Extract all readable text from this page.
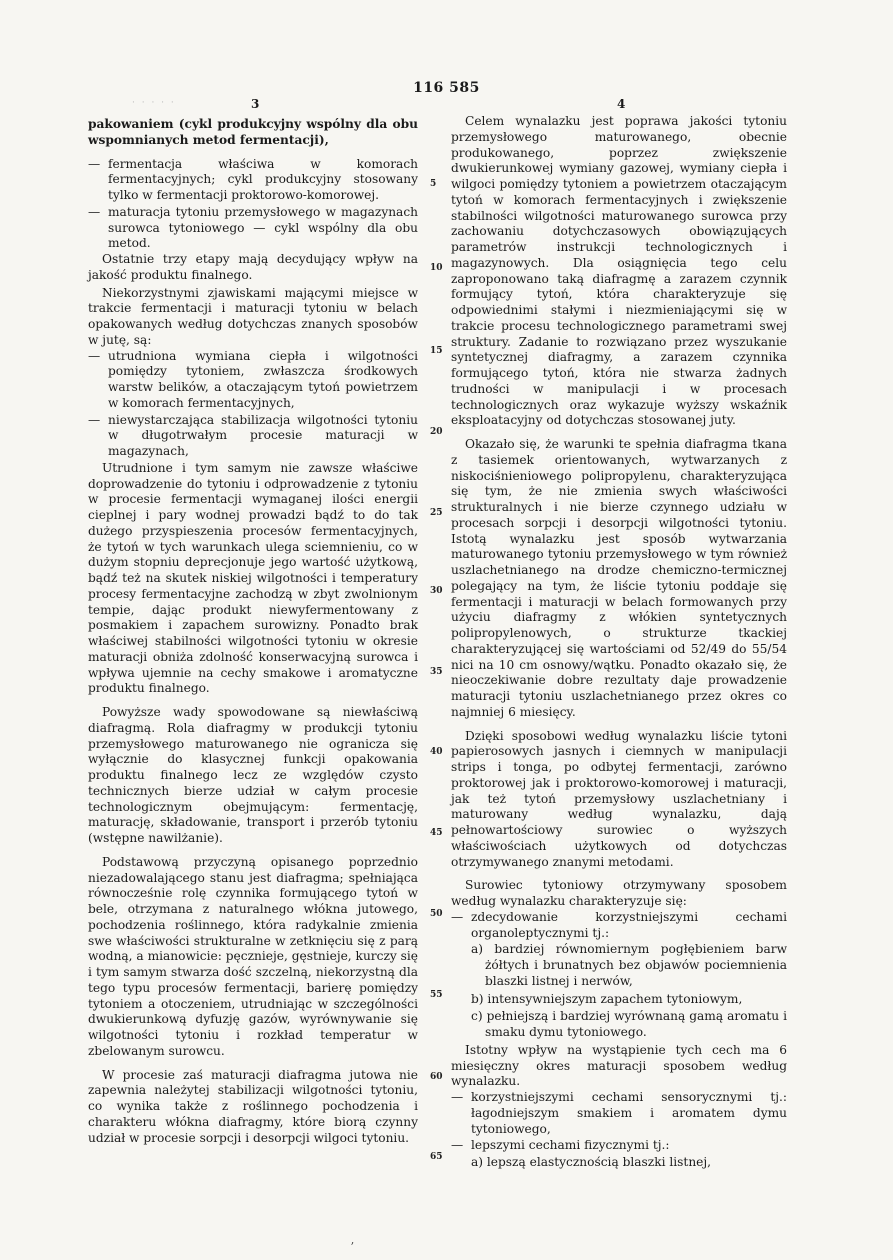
· · · · ·
116 585
3	4

pakowaniem (cykl produkcyjny wspólny dla obu wspomnianych metod fermentacji),

— fermentacja właściwa w komorach fermentacyjnych; cykl produkcyjny stosowany tylko w fermentacji proktorowo-komorowej.
— maturacja tytoniu przemysłowego w magazynach surowca tytoniowego — cykl wspólny dla obu metod.

Ostatnie trzy etapy mają decydujący wpływ na jakość produktu finalnego.

Niekorzystnymi zjawiskami mającymi miejsce w trakcie fermentacji i maturacji tytoniu w belach opakowanych według dotychczas znanych sposobów w jutę, są:

— utrudniona wymiana ciepła i wilgotności pomiędzy tytoniem, zwłaszcza środkowych warstw belików, a otaczającym tytoń powietrzem w komorach fermentacyjnych,
— niewystarczająca stabilizacja wilgotności tytoniu w długotrwałym procesie maturacji w magazynach,

Utrudnione i tym samym nie zawsze właściwe doprowadzenie do tytoniu i odprowadzenie z tytoniu w procesie fermentacji wymaganej ilości energii cieplnej i pary wodnej prowadzi bądź to do tak dużego przyspieszenia procesów fermentacyjnych, że tytoń w tych warunkach ulega sciemnieniu, co w dużym stopniu deprecjonuje jego wartość użytkową, bądź też na skutek niskiej wilgotności i temperatury procesy fermentacyjne zachodzą w zbyt zwolnionym tempie, dając produkt niewyfermentowany z posmakiem i zapachem surowizny. Ponadto brak właściwej stabilności wilgotności tytoniu w okresie maturacji obniża zdolność konserwacyjną surowca i wpływa ujemnie na cechy smakowe i aromatyczne produktu finalnego.

Powyższe wady spowodowane są niewłaściwą diafragmą. Rola diafragmy w produkcji tytoniu przemysłowego maturowanego nie ogranicza się wyłącznie do klasycznej funkcji opakowania produktu finalnego lecz ze względów czysto technicznych bierze udział w całym procesie technologicznym obejmującym: fermentację, maturację, składowanie, transport i przerób tytoniu (wstępne nawilżanie).

Podstawową przyczyną opisanego poprzednio niezadowalającego stanu jest diafragma; spełniająca równocześnie rolę czynnika formującego tytoń w bele, otrzymana z naturalnego włókna jutowego, pochodzenia roślinnego, która radykalnie zmienia swe właściwości strukturalne w zetknięciu się z parą wodną, a mianowicie: pęcznieje, gęstnieje, kurczy się i tym samym stwarza dość szczelną, niekorzystną dla tego typu procesów fermentacji, barierę pomiędzy tytoniem a otoczeniem, utrudniając w szczególności dwukierunkową dyfuzję gazów, wyrównywanie się wilgotności tytoniu i rozkład temperatur w zbelowanym surowcu.

W procesie zaś maturacji diafragma jutowa nie zapewnia należytej stabilizacji wilgotności tytoniu, co wynika także z roślinnego pochodzenia i charakteru włókna diafragmy, które biorą czynny udział w procesie sorpcji i desorpcji wilgoci tytoniu.

5
10
15
20
25
30
35
40
45
50
55
60
65

Celem wynalazku jest poprawa jakości tytoniu przemysłowego maturowanego, obecnie produkowanego, poprzez zwiększenie dwukierunkowej wymiany gazowej, wymiany ciepła i wilgoci pomiędzy tytoniem a powietrzem otaczającym tytoń w komorach fermentacyjnych i zwiększenie stabilności wilgotności maturowanego surowca przy zachowaniu dotychczasowych obowiązujących parametrów instrukcji technologicznych i magazynowych. Dla osiągnięcia tego celu zaproponowano taką diafragmę a zarazem czynnik formujący tytoń, która charakteryzuje się odpowiednimi stałymi i niezmieniającymi się w trakcie procesu technologicznego parametrami swej struktury. Zadanie to rozwiązano przez wyszukanie syntetycznej diafragmy, a zarazem czynnika formującego tytoń, która nie stwarza żadnych trudności w manipulacji i w procesach technologicznych oraz wykazuje wyższy wskaźnik eksploatacyjny od dotychczas stosowanej juty.

Okazało się, że warunki te spełnia diafragma tkana z tasiemek orientowanych, wytwarzanych z niskociśnieniowego polipropylenu, charakteryzująca się tym, że nie zmienia swych właściwości strukturalnych i nie bierze czynnego udziału w procesach sorpcji i desorpcji wilgotności tytoniu. Istotą wynalazku jest sposób wytwarzania maturowanego tytoniu przemysłowego w tym również uszlachetnianego na drodze chemiczno-termicznej polegający na tym, że liście tytoniu poddaje się fermentacji i maturacji w belach formowanych przy użyciu diafragmy z włókien syntetycznych polipropylenowych, o strukturze tkackiej charakteryzującej się wartościami od 52/49 do 55/54 nici na 10 cm osnowy/wątku. Ponadto okazało się, że nieoczekiwanie dobre rezultaty daje prowadzenie maturacji tytoniu uszlachetnianego przez okres co najmniej 6 miesięcy.

Dzięki sposobowi według wynalazku liście tytoni papierosowych jasnych i ciemnych w manipulacji strips i tonga, po odbytej fermentacji, zarówno proktorowej jak i proktorowo-komorowej i maturacji, jak też tytoń przemysłowy uszlachetniany i maturowany według wynalazku, dają pełnowartościowy surowiec o wyższych właściwościach użytkowych od dotychczas otrzymywanego znanymi metodami.

Surowiec tytoniowy otrzymywany sposobem według wynalazku charakteryzuje się:

— zdecydowanie korzystniejszymi cechami organoleptycznymi tj.:
a) bardziej równomiernym pogłębieniem barw żółtych i brunatnych bez objawów pociemnienia blaszki listnej i nerwów,
b) intensywniejszym zapachem tytoniowym,
c) pełniejszą i bardziej wyrównaną gamą aromatu i smaku dymu tytoniowego.

Istotny wpływ na wystąpienie tych cech ma 6 miesięczny okres maturacji sposobem według wynalazku.

— korzystniejszymi cechami sensorycznymi tj.: łagodniejszym smakiem i aromatem dymu tytoniowego,
— lepszymi cechami fizycznymi tj.:
a) lepszą elastycznością blaszki listnej,
ʼ
